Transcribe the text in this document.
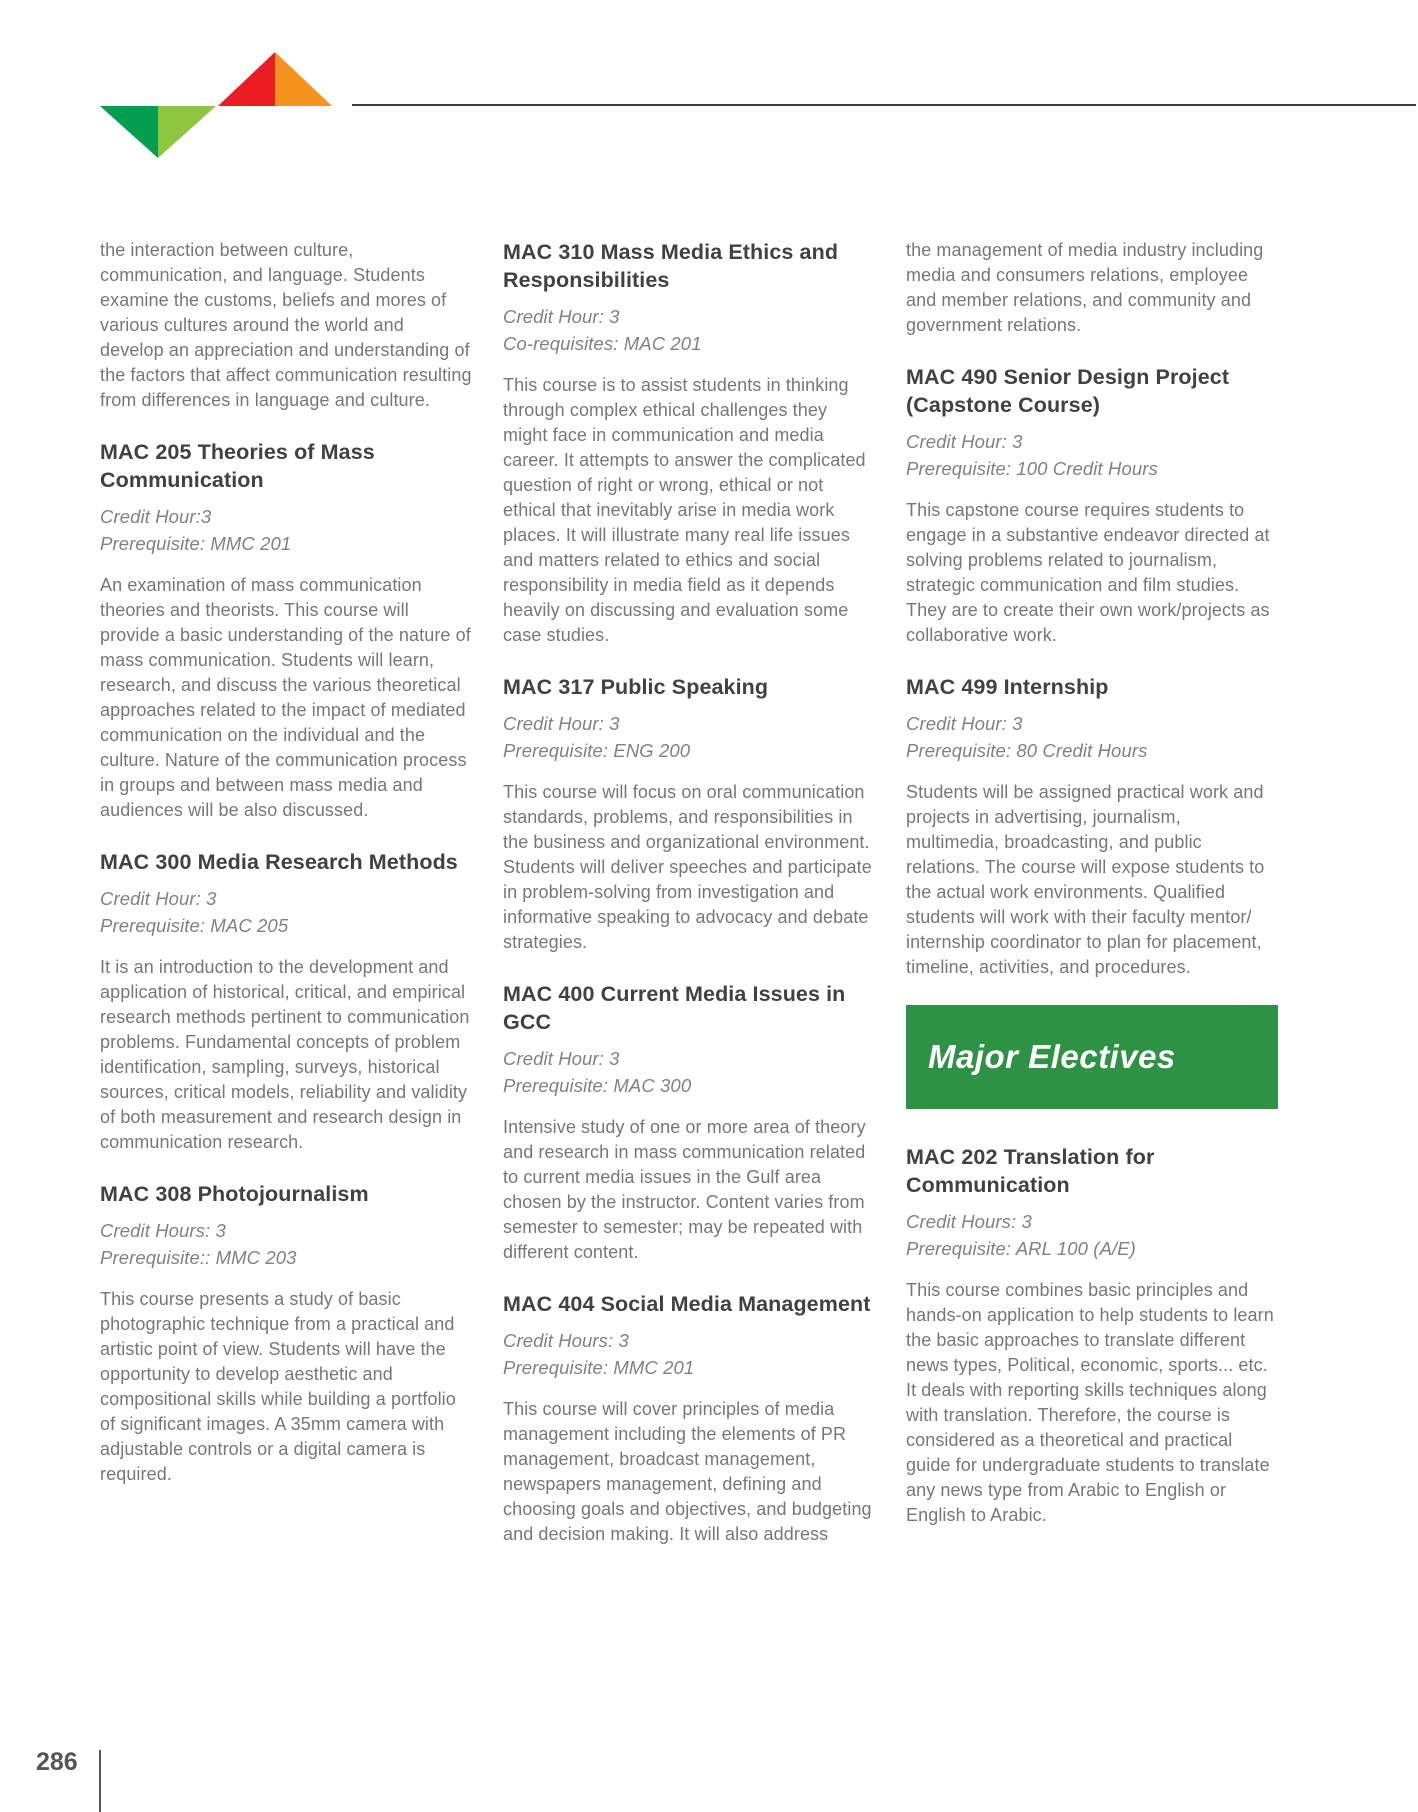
the interaction between culture, communication, and language. Students examine the customs, beliefs and mores of various cultures around the world and develop an appreciation and understanding of the factors that affect communication resulting from differences in language and culture.

MAC 205 Theories of Mass Communication
Credit Hour:3
Prerequisite: MMC 201

An examination of mass communication theories and theorists. This course will provide a basic understanding of the nature of mass communication. Students will learn, research, and discuss the various theoretical approaches related to the impact of mediated communication on the individual and the culture. Nature of the communication process in groups and between mass media and audiences will be also discussed.

MAC 300 Media Research Methods
Credit Hour: 3
Prerequisite: MAC 205

It is an introduction to the development and application of historical, critical, and empirical research methods pertinent to communication problems. Fundamental concepts of problem identification, sampling, surveys, historical sources, critical models, reliability and validity of both measurement and research design in communication research.

MAC 308 Photojournalism
Credit Hours: 3
Prerequisite:: MMC 203

This course presents a study of basic photographic technique from a practical and artistic point of view. Students will have the opportunity to develop aesthetic and compositional skills while building a portfolio of significant images. A 35mm camera with adjustable controls or a digital camera is required.

MAC 310 Mass Media Ethics and Responsibilities
Credit Hour: 3
Co-requisites: MAC 201

This course is to assist students in thinking through complex ethical challenges they might face in communication and media career. It attempts to answer the complicated question of right or wrong, ethical or not ethical that inevitably arise in media work places. It will illustrate many real life issues and matters related to ethics and social responsibility in media field as it depends heavily on discussing and evaluation some case studies.

MAC 317 Public Speaking
Credit Hour: 3
Prerequisite: ENG 200

This course will focus on oral communication standards, problems, and responsibilities in the business and organizational environment. Students will deliver speeches and participate in problem-solving from investigation and informative speaking to advocacy and debate strategies.

MAC 400 Current Media Issues in GCC
Credit Hour: 3
Prerequisite: MAC 300

Intensive study of one or more area of theory and research in mass communication related to current media issues in the Gulf area chosen by the instructor. Content varies from semester to semester; may be repeated with different content.

MAC 404 Social Media Management
Credit Hours: 3
Prerequisite: MMC 201

This course will cover principles of media management including the elements of PR management, broadcast management, newspapers management, defining and choosing goals and objectives, and budgeting and decision making. It will also address

the management of media industry including media and consumers relations, employee and member relations, and community and government relations.

MAC 490 Senior Design Project (Capstone Course)
Credit Hour: 3
Prerequisite: 100 Credit Hours

This capstone course requires students to engage in a substantive endeavor directed at solving problems related to journalism, strategic communication and film studies. They are to create their own work/projects as collaborative work.

MAC 499 Internship
Credit Hour: 3
Prerequisite: 80 Credit Hours

Students will be assigned practical work and projects in advertising, journalism, multimedia, broadcasting, and public relations. The course will expose students to the actual work environments. Qualified students will work with their faculty mentor/ internship coordinator to plan for placement, timeline, activities, and procedures.

Major Electives
MAC 202 Translation for Communication
Credit Hours: 3
Prerequisite: ARL 100 (A/E)

This course combines basic principles and hands-on application to help students to learn the basic approaches to translate different news types, Political, economic, sports... etc. It deals with reporting skills techniques along with translation. Therefore, the course is considered as a theoretical and practical guide for undergraduate students to translate any news type from Arabic to English or English to Arabic.

286
